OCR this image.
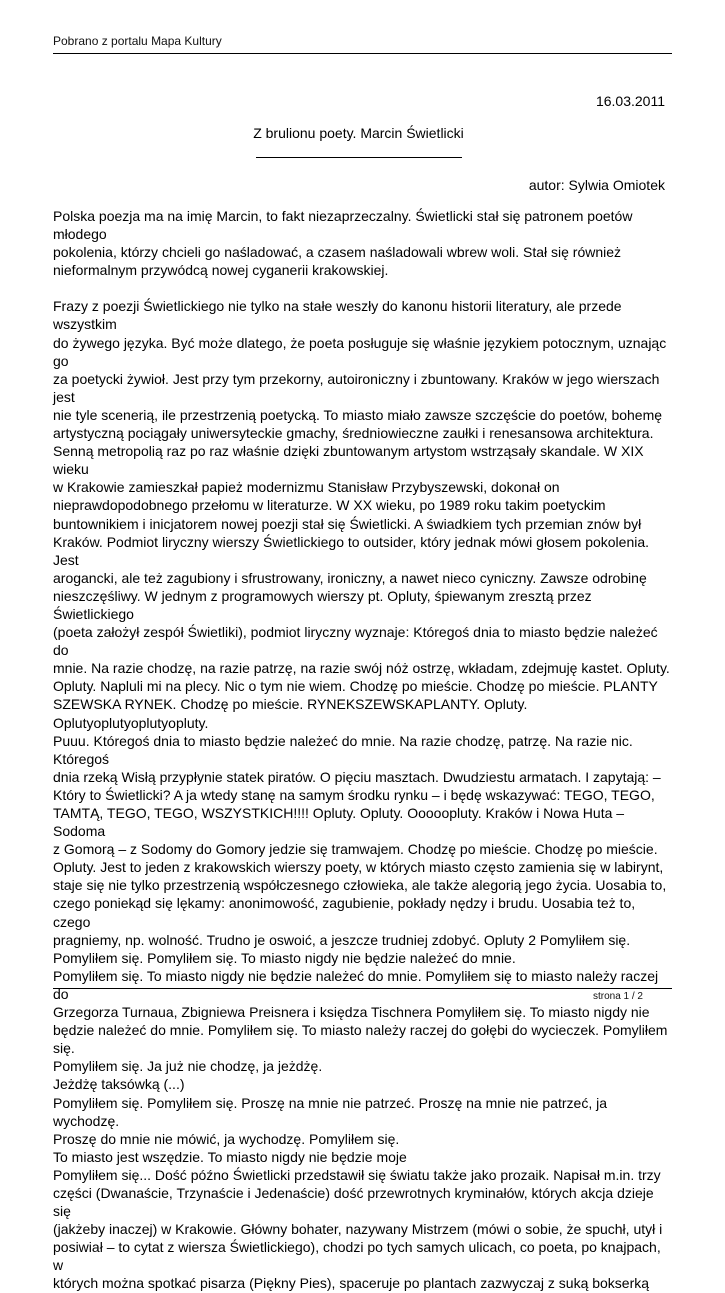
Pobrano z portalu Mapa Kultury
16.03.2011
Z brulionu poety. Marcin Świetlicki
autor: Sylwia Omiotek

Polska poezja ma na imię Marcin, to fakt niezaprzeczalny. Świetlicki stał się patronem poetów młodego
pokolenia, którzy chcieli go naśladować, a czasem naśladowali wbrew woli. Stał się również
nieformalnym przywódcą nowej cyganerii krakowskiej.

Frazy z poezji Świetlickiego nie tylko na stałe weszły do kanonu historii literatury, ale przede wszystkim
do żywego języka. Być może dlatego, że poeta posługuje się właśnie językiem potocznym, uznając go
za poetycki żywioł. Jest przy tym przekorny, autoironiczny i zbuntowany. Kraków w jego wierszach jest
nie tyle scenerią, ile przestrzenią poetycką. To miasto miało zawsze szczęście do poetów, bohemę
artystyczną pociągały uniwersyteckie gmachy, średniowieczne zaułki i renesansowa architektura.
Senną metropolią raz po raz właśnie dzięki zbuntowanym artystom wstrząsały skandale. W XIX wieku
w Krakowie zamieszkał papież modernizmu Stanisław Przybyszewski, dokonał on
nieprawdopodobnego przełomu w literaturze. W XX wieku, po 1989 roku takim poetyckim
buntownikiem i inicjatorem nowej poezji stał się Świetlicki. A świadkiem tych przemian znów był
Kraków. Podmiot liryczny wierszy Świetlickiego to outsider, który jednak mówi głosem pokolenia. Jest
arogancki, ale też zagubiony i sfrustrowany, ironiczny, a nawet nieco cyniczny. Zawsze odrobinę
nieszczęśliwy. W jednym z programowych wierszy pt. Opluty, śpiewanym zresztą przez Świetlickiego
(poeta założył zespół Świetliki), podmiot liryczny wyznaje: Któregoś dnia to miasto będzie należeć do
mnie. Na razie chodzę, na razie patrzę, na razie swój nóż ostrzę, wkładam, zdejmuję kastet. Opluty.
Opluty. Napluli mi na plecy. Nic o tym nie wiem. Chodzę po mieście. Chodzę po mieście. PLANTY
SZEWSKA RYNEK. Chodzę po mieście. RYNEKSZEWSKAPLANTY. Opluty. Oplutyoplutyoplutyopluty.
Puuu. Któregoś dnia to miasto będzie należeć do mnie. Na razie chodzę, patrzę. Na razie nic. Któregoś
dnia rzeką Wisłą przypłynie statek piratów. O pięciu masztach. Dwudziestu armatach. I zapytają: –
Który to Świetlicki? A ja wtedy stanę na samym środku rynku – i będę wskazywać: TEGO, TEGO,
TAMTĄ, TEGO, TEGO, WSZYSTKICH!!!! Opluty. Opluty. Ooooopluty. Kraków i Nowa Huta – Sodoma
z Gomorą – z Sodomy do Gomory jedzie się tramwajem. Chodzę po mieście. Chodzę po mieście.
Opluty. Jest to jeden z krakowskich wierszy poety, w których miasto często zamienia się w labirynt,
staje się nie tylko przestrzenią współczesnego człowieka, ale także alegorią jego życia. Uosabia to,
czego poniekąd się lękamy: anonimowość, zagubienie, pokłady nędzy i brudu. Uosabia też to, czego
pragniemy, np. wolność. Trudno je oswoić, a jeszcze trudniej zdobyć. Opluty 2 Pomyliłem się.
Pomyliłem się. Pomyliłem się. To miasto nigdy nie będzie należeć do mnie.
Pomyliłem się. To miasto nigdy nie będzie należeć do mnie. Pomyliłem się to miasto należy raczej do
Grzegorza Turnaua, Zbigniewa Preisnera i księdza Tischnera Pomyliłem się. To miasto nigdy nie
będzie należeć do mnie. Pomyliłem się. To miasto należy raczej do gołębi do wycieczek. Pomyliłem się.
Pomyliłem się. Ja już nie chodzę, ja jeżdżę.
Jeżdżę taksówką (...)
Pomyliłem się. Pomyliłem się. Proszę na mnie nie patrzeć. Proszę na mnie nie patrzeć, ja wychodzę.
Proszę do mnie nie mówić, ja wychodzę. Pomyliłem się.
To miasto jest wszędzie. To miasto nigdy nie będzie moje
Pomyliłem się... Dość późno Świetlicki przedstawił się światu także jako prozaik. Napisał m.in. trzy
części (Dwanaście, Trzynaście i Jedenaście) dość przewrotnych kryminałów, których akcja dzieje się
(jakżeby inaczej) w Krakowie. Główny bohater, nazywany Mistrzem (mówi o sobie, że spuchł, utył i
posiwiał – to cytat z wiersza Świetlickiego), chodzi po tych samych ulicach, co poeta, po knajpach, w
których można spotkać pisarza (Piękny Pies), spaceruje po plantach zazwyczaj z suką bokserką

strona 1 / 2
